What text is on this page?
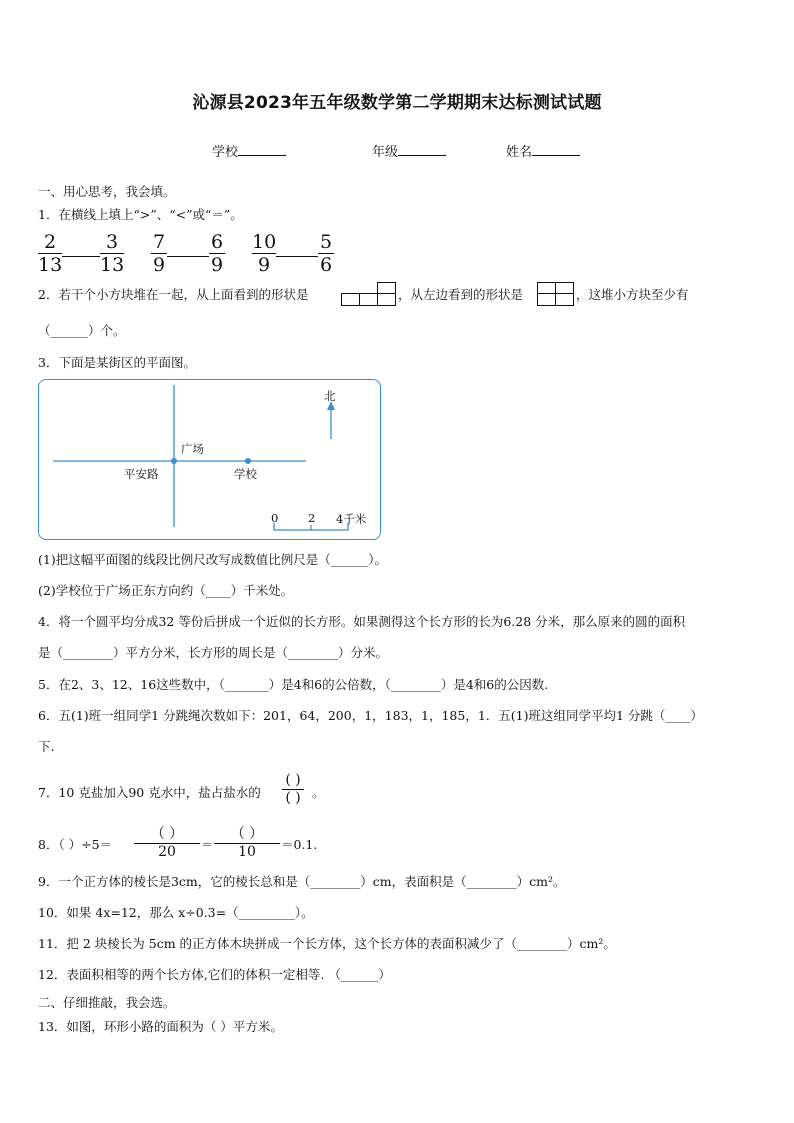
沁源县2023年五年级数学第二学期期末达标测试试题
学校	年级	姓名
一、用心思考，我会填。
1．在横线上填上“>”、“<”或“＝”。
2
13
3
13
7
9
6
9
10
9
5
6
2．若干个小方块堆在一起，从上面看到的形状是	，从左边看到的形状是	，这堆小方块至少有
（______）个。
3．下面是某街区的平面图。
北
广场
平安路	学校
0	2 4千米
(1)把这幅平面图的线段比例尺改写成数值比例尺是（______）。
(2)学校位于广场正东方向约（____）千米处。
4．将一个圆平均分成32 等份后拼成一个近似的长方形。如果测得这个长方形的长为6.28 分米，那么原来的圆的面积
是（________）平方分米，长方形的周长是（________）分米。
5．在2、3、12、16这些数中，（_______）是4和6的公倍数，（________）是4和6的公因数.
6．五(1)班一组同学1 分跳绳次数如下：201，64，200，1，183，1，185，1．五(1)班这组同学平均1 分跳（____）
下.
7．10 克盐加入90 克水中，盐占盐水的
( )
( ) 。
8．（ ）÷5＝
（ ）
20	＝
（ ）
10	＝0.1.
9．一个正方体的棱长是3cm，它的棱长总和是（________）cm，表面积是（________）cm²。
10．如果 4x=12，那么 x÷0.3=（_________）。
11．把 2 块棱长为 5cm 的正方体木块拼成一个长方体，这个长方体的表面积减少了（________）cm²。
12．表面积相等的两个长方体,它们的体积一定相等. （______）
二、仔细推敲，我会选。
13．如图，环形小路的面积为（ ）平方米。
